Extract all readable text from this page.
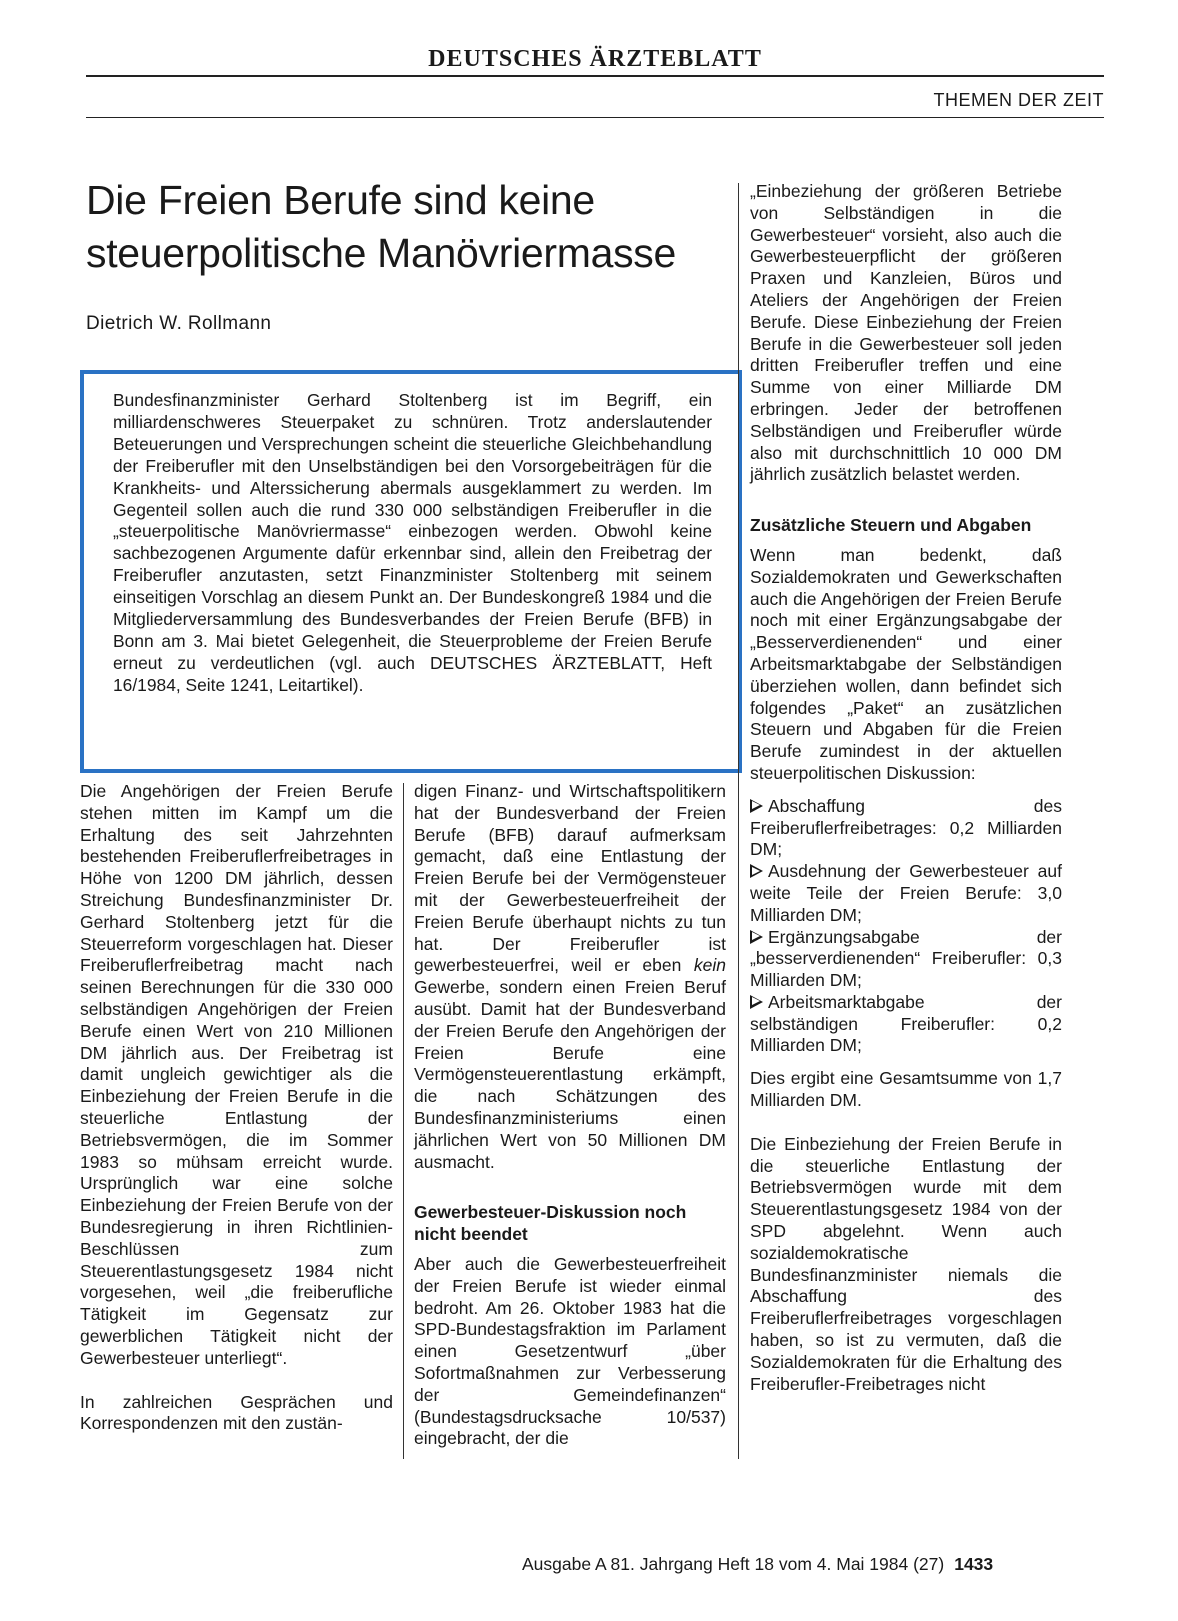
DEUTSCHES ÄRZTEBLATT
THEMEN DER ZEIT
Die Freien Berufe sind keine steuerpolitische Manövriermasse
Dietrich W. Rollmann

Bundesfinanzminister Gerhard Stoltenberg ist im Begriff, ein milliardenschweres Steuerpaket zu schnüren. Trotz anderslautender Beteuerungen und Versprechungen scheint die steuerliche Gleichbehandlung der Freiberufler mit den Unselbständigen bei den Vorsorgebeiträgen für die Krankheits- und Alterssicherung abermals ausgeklammert zu werden. Im Gegenteil sollen auch die rund 330 000 selbständigen Freiberufler in die „steuerpolitische Manövriermasse“ einbezogen werden. Obwohl keine sachbezogenen Argumente dafür erkennbar sind, allein den Freibetrag der Freiberufler anzutasten, setzt Finanzminister Stoltenberg mit seinem einseitigen Vorschlag an diesem Punkt an. Der Bundeskongreß 1984 und die Mitgliederversammlung des Bundesverbandes der Freien Berufe (BFB) in Bonn am 3. Mai bietet Gelegenheit, die Steuerprobleme der Freien Berufe erneut zu verdeutlichen (vgl. auch DEUTSCHES ÄRZTEBLATT, Heft 16/1984, Seite 1241, Leitartikel).

Die Angehörigen der Freien Berufe stehen mitten im Kampf um die Erhaltung des seit Jahrzehnten bestehenden Freiberuflerfreibetrages in Höhe von 1200 DM jährlich, dessen Streichung Bundesfinanzminister Dr. Gerhard Stoltenberg jetzt für die Steuerreform vorgeschlagen hat. Dieser Freiberuflerfreibetrag macht nach seinen Berechnungen für die 330 000 selbständigen Angehörigen der Freien Berufe einen Wert von 210 Millionen DM jährlich aus. Der Freibetrag ist damit ungleich gewichtiger als die Einbeziehung der Freien Berufe in die steuerliche Entlastung der Betriebsvermögen, die im Sommer 1983 so mühsam erreicht wurde. Ursprünglich war eine solche Einbeziehung der Freien Berufe von der Bundesregierung in ihren Richtlinien-Beschlüssen zum Steuerentlastungsgesetz 1984 nicht vorgesehen, weil „die freiberufliche Tätigkeit im Gegensatz zur gewerblichen Tätigkeit nicht der Gewerbesteuer unterliegt“.

In zahlreichen Gesprächen und Korrespondenzen mit den zustän-

digen Finanz- und Wirtschaftspolitikern hat der Bundesverband der Freien Berufe (BFB) darauf aufmerksam gemacht, daß eine Entlastung der Freien Berufe bei der Vermögensteuer mit der Gewerbesteuerfreiheit der Freien Berufe überhaupt nichts zu tun hat. Der Freiberufler ist gewerbesteuerfrei, weil er eben kein Gewerbe, sondern einen Freien Beruf ausübt. Damit hat der Bundesverband der Freien Berufe den Angehörigen der Freien Berufe eine Vermögensteuerentlastung erkämpft, die nach Schätzungen des Bundesfinanzministeriums einen jährlichen Wert von 50 Millionen DM ausmacht.

Gewerbesteuer-Diskussion noch nicht beendet

Aber auch die Gewerbesteuerfreiheit der Freien Berufe ist wieder einmal bedroht. Am 26. Oktober 1983 hat die SPD-Bundestagsfraktion im Parlament einen Gesetzentwurf „über Sofortmaßnahmen zur Verbesserung der Gemeindefinanzen“ (Bundestagsdrucksache 10/537) eingebracht, der die

„Einbeziehung der größeren Betriebe von Selbständigen in die Gewerbesteuer“ vorsieht, also auch die Gewerbesteuerpflicht der größeren Praxen und Kanzleien, Büros und Ateliers der Angehörigen der Freien Berufe. Diese Einbeziehung der Freien Berufe in die Gewerbesteuer soll jeden dritten Freiberufler treffen und eine Summe von einer Milliarde DM erbringen. Jeder der betroffenen Selbständigen und Freiberufler würde also mit durchschnittlich 10 000 DM jährlich zusätzlich belastet werden.

Zusätzliche Steuern und Abgaben

Wenn man bedenkt, daß Sozialdemokraten und Gewerkschaften auch die Angehörigen der Freien Berufe noch mit einer Ergänzungsabgabe der „Besserverdienenden“ und einer Arbeitsmarktabgabe der Selbständigen überziehen wollen, dann befindet sich folgendes „Paket“ an zusätzlichen Steuern und Abgaben für die Freien Berufe zumindest in der aktuellen steuerpolitischen Diskussion:

Abschaffung des Freiberuflerfreibetrages: 0,2 Milliarden DM;

Ausdehnung der Gewerbesteuer auf weite Teile der Freien Berufe: 3,0 Milliarden DM;

Ergänzungsabgabe der „besserverdienenden“ Freiberufler: 0,3 Milliarden DM;

Arbeitsmarktabgabe der selbständigen Freiberufler: 0,2 Milliarden DM;

Dies ergibt eine Gesamtsumme von 1,7 Milliarden DM.

Die Einbeziehung der Freien Berufe in die steuerliche Entlastung der Betriebsvermögen wurde mit dem Steuerentlastungsgesetz 1984 von der SPD abgelehnt. Wenn auch sozialdemokratische Bundesfinanzminister niemals die Abschaffung des Freiberuflerfreibetrages vorgeschlagen haben, so ist zu vermuten, daß die Sozialdemokraten für die Erhaltung des Freiberufler-Freibetrages nicht

Ausgabe A 81. Jahrgang Heft 18 vom 4. Mai 1984 (27) 1433
